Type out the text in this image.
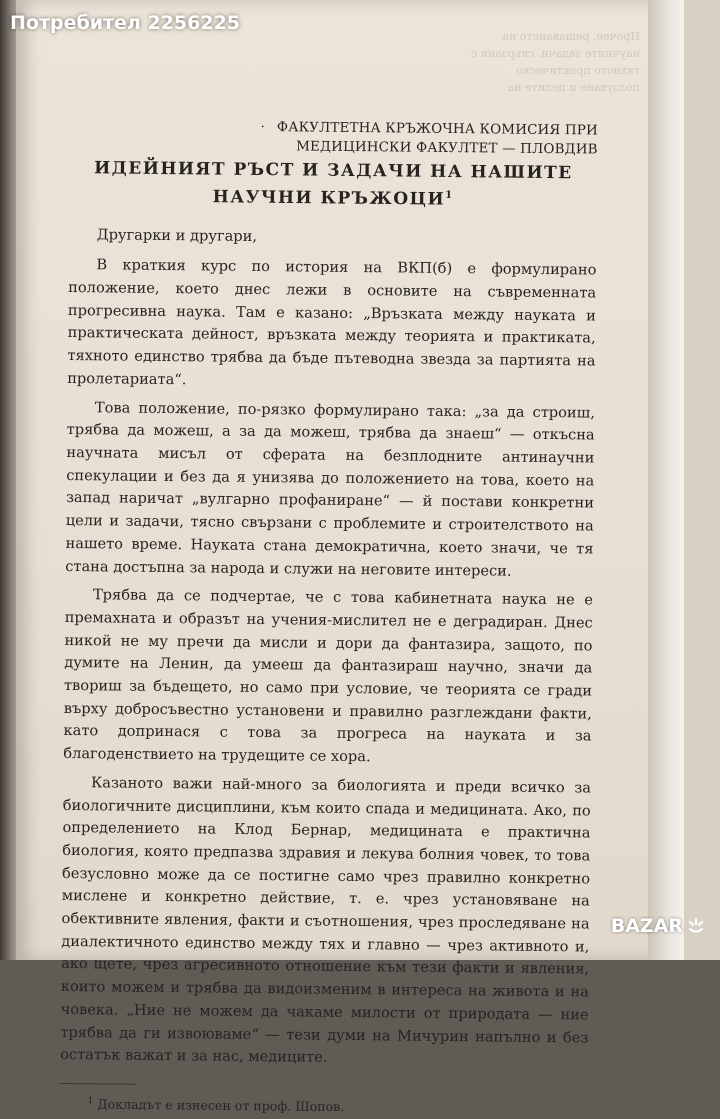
Прочее, решаването на научните задачи, свързани с тяхното практическо ползуване и целите на
· ФАКУЛТЕТНА КРЪЖОЧНА КОМИСИЯ ПРИ
МЕДИЦИНСКИ ФАКУЛТЕТ — ПЛОВДИВ
ИДЕЙНИЯТ РЪСТ И ЗАДАЧИ НА НАШИТЕ НАУЧНИ КРЪЖОЦИ$^1$
Другарки и другари,

В краткия курс по история на ВКП(б) е формулирано положение, което днес лежи в основите на съвременната прогресивна наука. Там е казано: „Връзката между науката и практическата дейност, връзката между теорията и практиката, тяхното единство трябва да бъде пътеводна звезда за партията на пролетариата“.

Това положение, по-рязко формулирано така: „за да строиш, трябва да можеш, а за да можеш, трябва да знаеш“ — откъсна научната мисъл от сферата на безплодните антинаучни спекулации и без да я унизява до положението на това, което на запад наричат „вулгарно профаниране“ — й постави конкретни цели и задачи, тясно свързани с проблемите и строителството на нашето време. Науката стана демократична, което значи, че тя стана достъпна за народа и служи на неговите интереси.

Трябва да се подчертае, че с това кабинетната наука не е премахната и образът на учения-мислител не е деградиран. Днес никой не му пречи да мисли и дори да фантазира, защото, по думите на Ленин, да умееш да фантазираш научно, значи да твориш за бъдещето, но само при условие, че теорията се гради върху добросъвестно установени и правилно разглеждани факти, като допринася с това за прогреса на науката и за благоденствието на трудещите се хора.

Казаното важи най-много за биологията и преди всичко за биологичните дисциплини, към които спада и медицината. Ако, по определението на Клод Бернар, медицината е практична биология, която предпазва здравия и лекува болния човек, то това безусловно може да се постигне само чрез правилно конкретно мислене и конкретно действие, т. е. чрез установяване на обективните явления, факти и съотношения, чрез проследяване на диалектичното единство между тях и главно — чрез активното и, ако щете, чрез агресивното отношение към тези факти и явления, които можем и трябва да видоизменим в интереса на живота и на човека. „Ние не можем да чакаме милости от природата — ние трябва да ги извоюваме“ — тези думи на Мичурин напълно и без остатък важат и за нас, медиците.

$^1$ Докладът е изнесен от проф. Шопов.
Потребител 2256225
BAZAR
